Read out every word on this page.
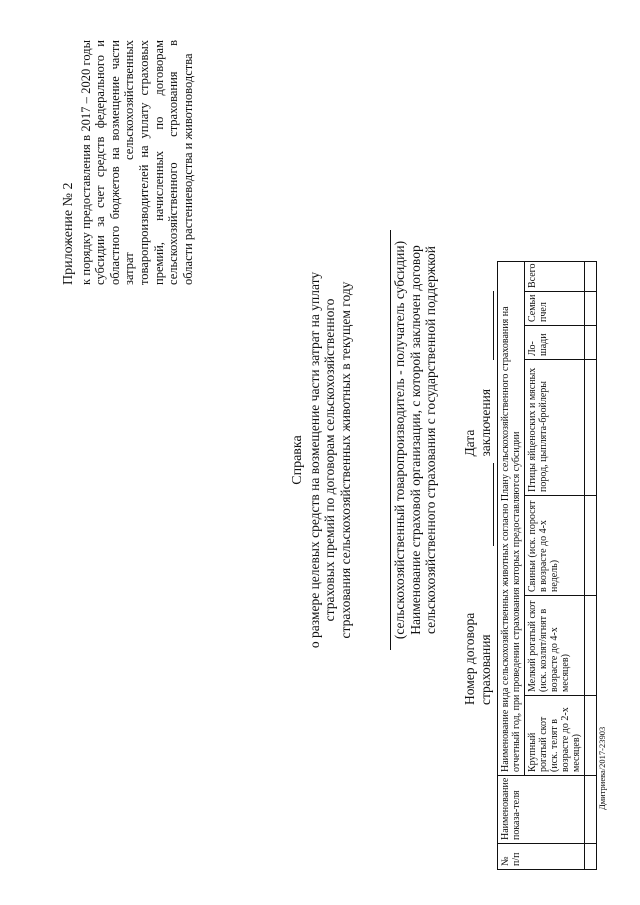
Приложение № 2 к порядку предоставления в 2017 – 2020 годы субсидии за счет средств федерального и областного бюджетов на возмещение части затрат сельскохозяйственных товаропроизводителей на уплату страховых премий, начисленных по договорам сельскохозяйственного страхования в области растениеводства и животноводства
Справка о размере целевых средств на возмещение части затрат на уплату страховых премий по договорам сельскохозяйственного страхования сельскохозяйственных животных в текущем году	(сельскохозяйственный товаропроизводитель - получатель субсидии) Наименование страховой организации, с которой заключен договор сельскохозяйственного страхования с государственной поддержкой
Номер договора страхования
Дата заключения
№ п/п	Наименование показа-теля	Наименование вида сельскохозяйственных животных согласно Плану сельскохозяйственного страхования на отчетный год, при проведении страхования которых предоставляются субсидии							
		Крупный рогатый скот (иск. телят в возрасте до 2-х месяцев)	Мелкий рогатый скот (иск. козлят/ягнят в возрасте до 4-х месяцев)	Свиньи (иск. поросят в возрасте до 4-х недель)	Птицы яйценоских и мясных пород, цыплята-бройлеры	Ло-шади	Семьи пчел	Всего	

Дмитриева/2017-23903
